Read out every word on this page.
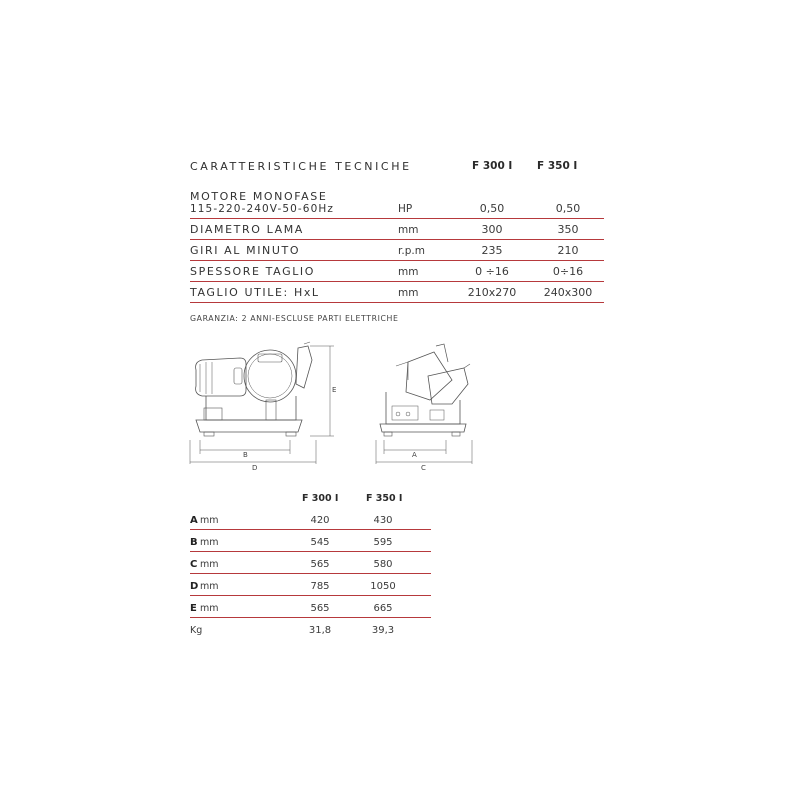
CARATTERISTICHE TECNICHE	F 300 I F 350 I
MOTORE MONOFASE
115-220-240V-50-60Hz	HP	0,50	0,50
DIAMETRO LAMA	mm	300	350
GIRI AL MINUTO	r.p.m	235	210
SPESSORE TAGLIO	mm	0 ÷16	0÷16
TAGLIO UTILE: HxL	mm	210x270	240x300
GARANZIA: 2 ANNI-ESCLUSE PARTI ELETTRICHE
E
B
D
A
C
F 300 I	F 350 I
A mm	420	430
B mm	545	595
C mm	565	580
D mm	785	1050
E mm	565	665
Kg	31,8	39,3
